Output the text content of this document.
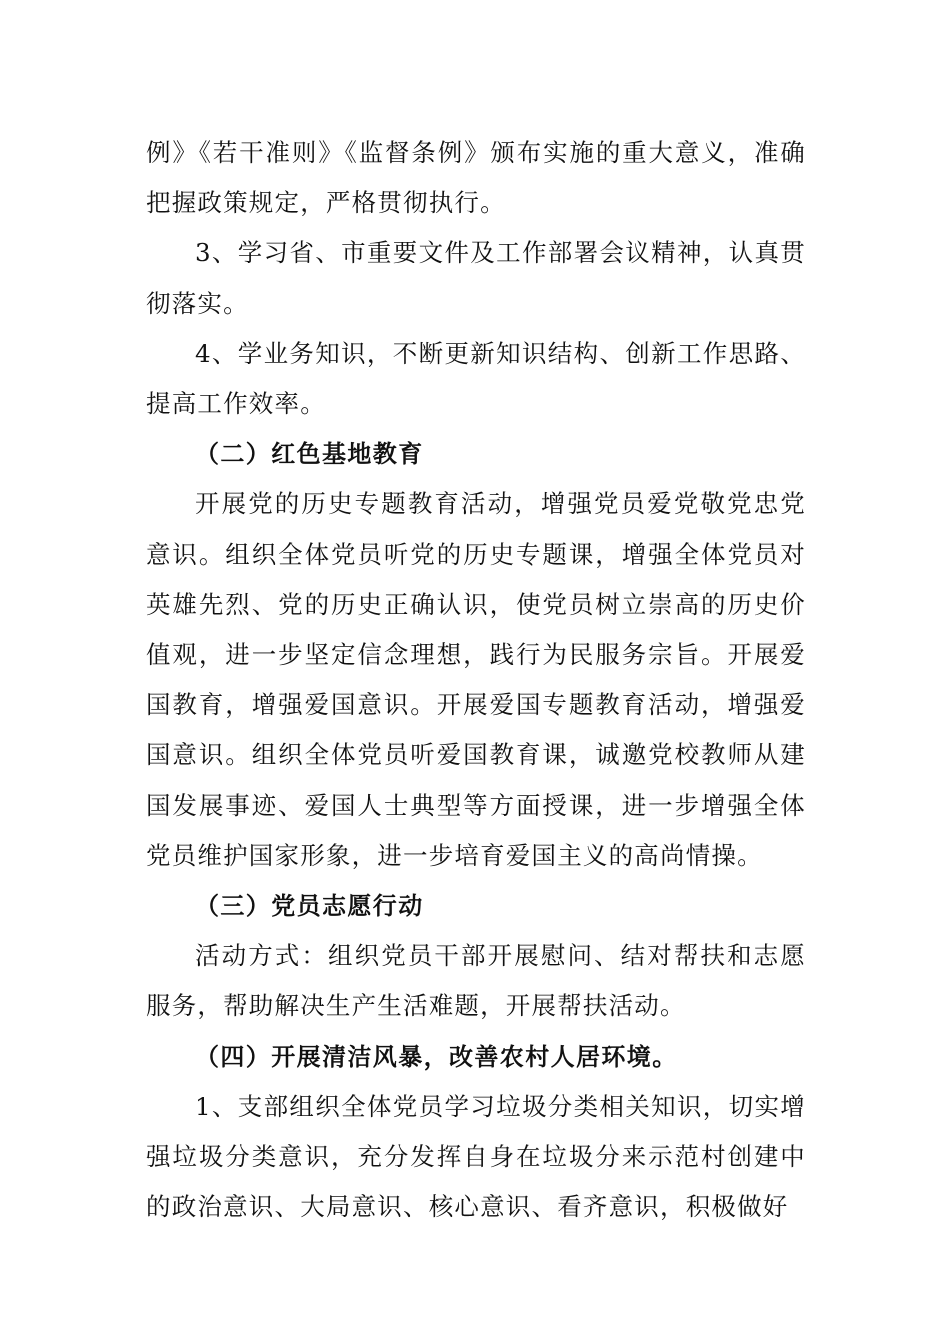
例》《若干准则》《监督条例》颁布实施的重大意义，准确把握政策规定，严格贯彻执行。

3、学习省、市重要文件及工作部署会议精神，认真贯彻落实。

4、学业务知识，不断更新知识结构、创新工作思路、提高工作效率。

（二）红色基地教育

开展党的历史专题教育活动，增强党员爱党敬党忠党意识。组织全体党员听党的历史专题课，增强全体党员对英雄先烈、党的历史正确认识，使党员树立崇高的历史价值观，进一步坚定信念理想，践行为民服务宗旨。开展爱国教育，增强爱国意识。开展爱国专题教育活动，增强爱国意识。组织全体党员听爱国教育课，诚邀党校教师从建国发展事迹、爱国人士典型等方面授课，进一步增强全体党员维护国家形象，进一步培育爱国主义的高尚情操。

（三）党员志愿行动

活动方式：组织党员干部开展慰问、结对帮扶和志愿服务，帮助解决生产生活难题，开展帮扶活动。

（四）开展清洁风暴，改善农村人居环境。

1、支部组织全体党员学习垃圾分类相关知识，切实增强垃圾分类意识，充分发挥自身在垃圾分来示范村创建中的政治意识、大局意识、核心意识、看齐意识，积极做好
